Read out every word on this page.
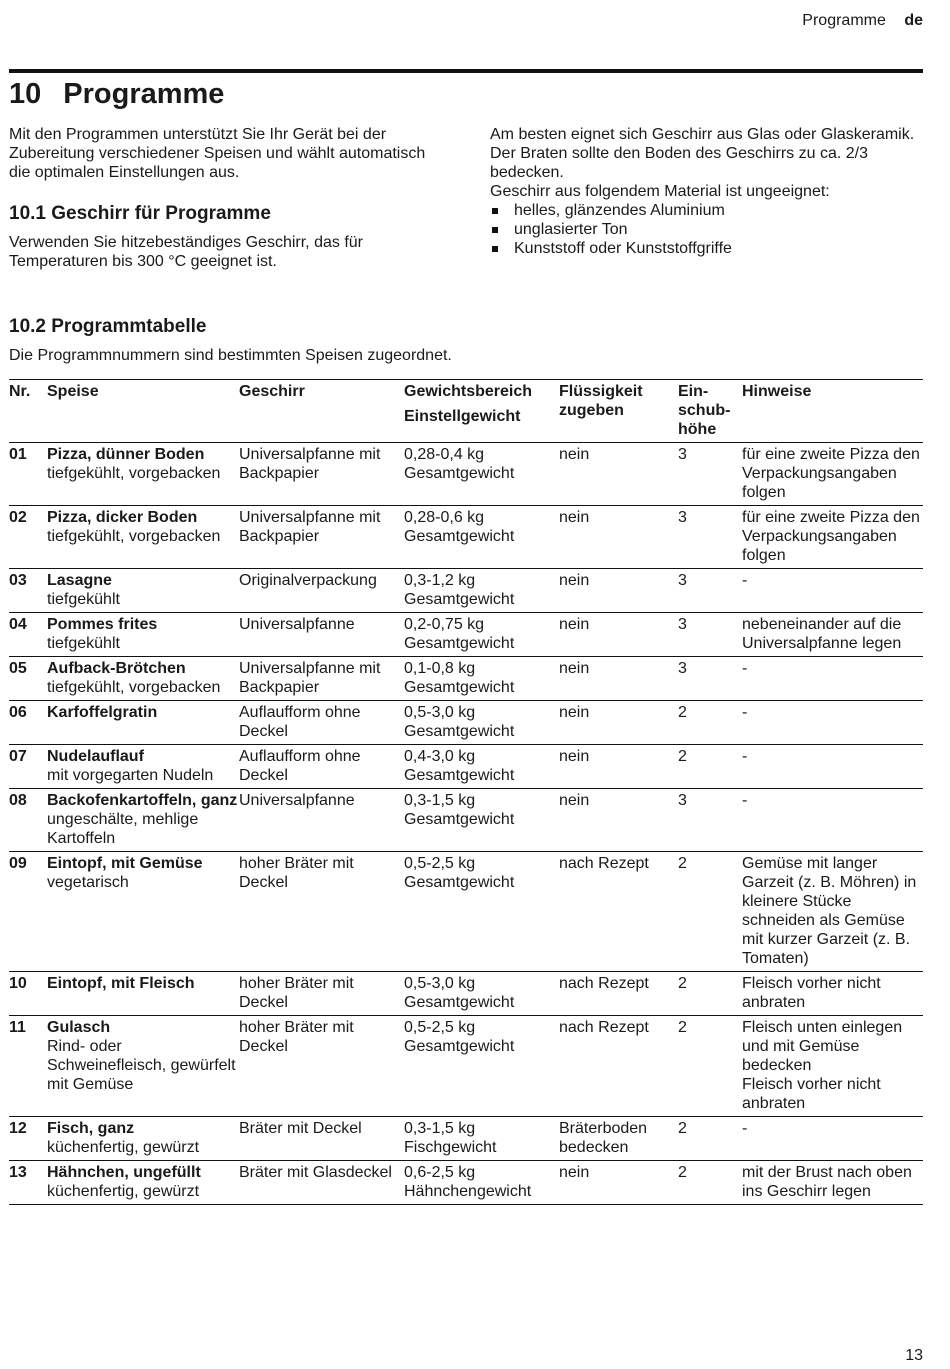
Programme de
10 Programme

Mit den Programmen unterstützt Sie Ihr Gerät bei der Zubereitung verschiedener Speisen und wählt automatisch die optimalen Einstellungen aus.

10.1 Geschirr für Programme

Verwenden Sie hitzebeständiges Geschirr, das für Temperaturen bis 300 °C geeignet ist.

Am besten eignet sich Geschirr aus Glas oder Glaskeramik. Der Braten sollte den Boden des Geschirrs zu ca. 2/3 bedecken.

Geschirr aus folgendem Material ist ungeeignet:

helles, glänzendes Aluminium
unglasierter Ton
Kunststoff oder Kunststoffgriffe
10.2 Programmtabelle

Die Programmnummern sind bestimmten Speisen zugeordnet.

Nr.	Speise	Geschirr	Gewichtsbereich
Einstellgewicht	Flüssigkeit
zugeben	Ein-
schub-
höhe	Hinweise
01	Pizza, dünner Boden
tiefgekühlt, vorgebacken	Universalpfanne mit Backpapier	0,28-0,4 kg
Gesamtgewicht	nein	3	für eine zweite Pizza den Verpackungsangaben folgen

02	Pizza, dicker Boden
tiefgekühlt, vorgebacken	Universalpfanne mit Backpapier	0,28-0,6 kg
Gesamtgewicht	nein	3	für eine zweite Pizza den Verpackungsangaben folgen

03	Lasagne
tiefgekühlt	Originalverpackung	0,3-1,2 kg
Gesamtgewicht	nein	3	-

04	Pommes frites
tiefgekühlt	Universalpfanne	0,2-0,75 kg
Gesamtgewicht	nein	3	nebeneinander auf die Universalpfanne legen

05	Aufback-Brötchen
tiefgekühlt, vorgebacken	Universalpfanne mit Backpapier	0,1-0,8 kg
Gesamtgewicht	nein	3	-

06	Karfoffelgratin	Auflaufform ohne Deckel	0,5-3,0 kg
Gesamtgewicht	nein	2	-

07	Nudelauflauf
mit vorgegarten Nudeln	Auflaufform ohne Deckel	0,4-3,0 kg
Gesamtgewicht	nein	2	-

08	Backofenkartoffeln, ganz
ungeschälte, mehlige Kartoffeln	Universalpfanne	0,3-1,5 kg
Gesamtgewicht	nein	3	-

09	Eintopf, mit Gemüse
vegetarisch	hoher Bräter mit Deckel	0,5-2,5 kg
Gesamtgewicht	nach Rezept	2	Gemüse mit langer Garzeit (z. B. Möhren) in kleinere Stücke schneiden als Gemüse mit kurzer Garzeit (z. B. Tomaten)

10	Eintopf, mit Fleisch	hoher Bräter mit Deckel	0,5-3,0 kg
Gesamtgewicht	nach Rezept	2	Fleisch vorher nicht anbraten

11	Gulasch
Rind- oder Schweinefleisch, gewürfelt mit Gemüse	hoher Bräter mit Deckel	0,5-2,5 kg
Gesamtgewicht	nach Rezept	2	Fleisch unten einlegen und mit Gemüse bedecken
Fleisch vorher nicht anbraten

12	Fisch, ganz
küchenfertig, gewürzt	Bräter mit Deckel	0,3-1,5 kg
Fischgewicht	Bräterboden bedecken	2	-

13	Hähnchen, ungefüllt
küchenfertig, gewürzt	Bräter mit Glasdeckel	0,6-2,5 kg
Hähnchengewicht	nein	2	mit der Brust nach oben ins Geschirr legen
13
